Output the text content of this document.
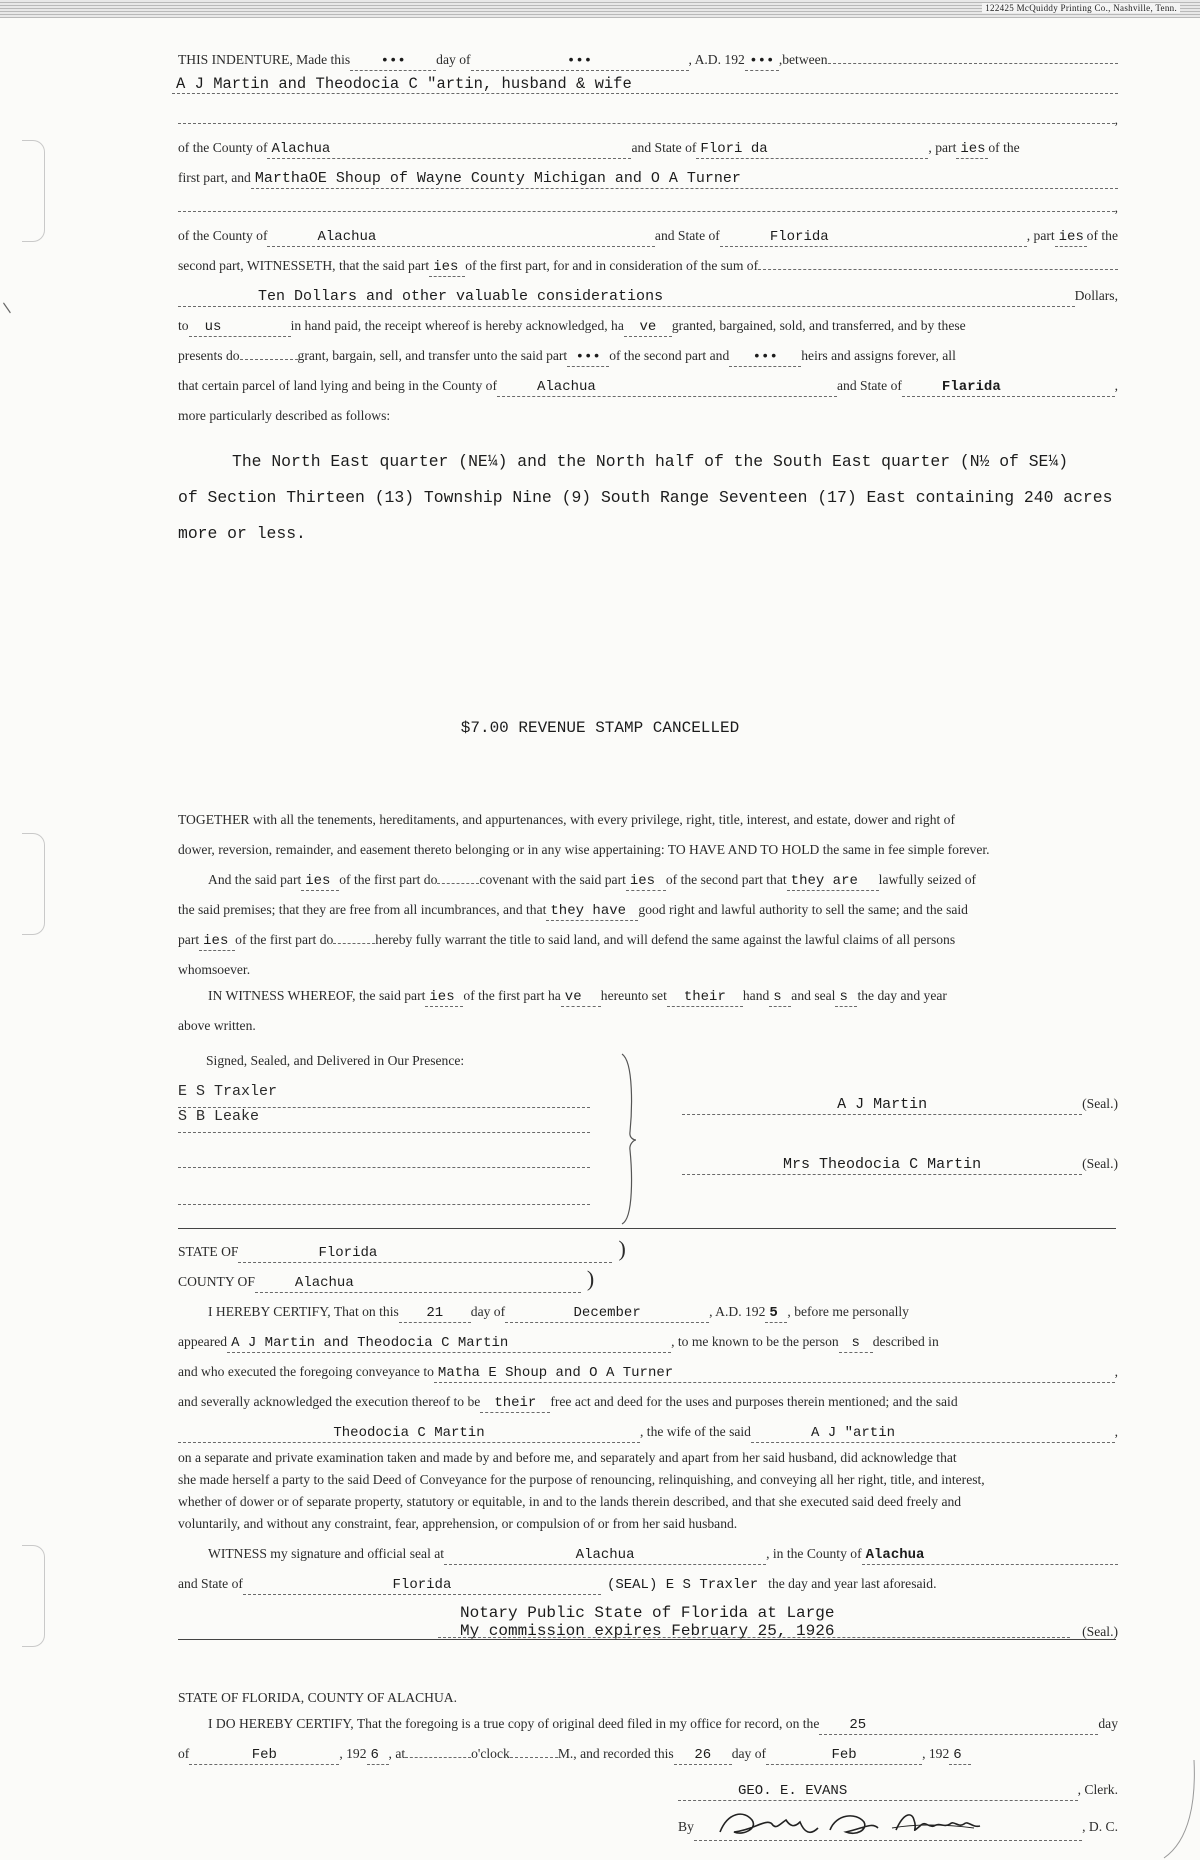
122425 McQuiddy Printing Co., Nashville, Tenn.
/
THIS INDENTURE, Made this	•••	day of	•••	, A.D. 192 ••• ,between
A J Martin and Theodocia C "artin, husband & wife
,
of the County of Alachua	and State of Flori da	, part ies of the
first part, and MarthaOE Shoup of Wayne County Michigan and O A Turner
,
of the County of	Alachua	and State of	Florida	, part ies of the
second part, WITNESSETH, that the said part ies of the first part, for and in consideration of the sum of
Ten Dollars and other valuable considerations	Dollars,
to	us	in hand paid, the receipt whereof is hereby acknowledged, ha	ve	granted, bargained, sold, and transferred, and by these
presents do	grant, bargain, sell, and transfer unto the said part ••• of the second part and	•••	heirs and assigns forever, all
that certain parcel of land lying and being in the County of	Alachua	and State of	Flarida	,
more particularly described as follows:
The North East quarter (NE¼) and the North half of the South East quarter (N½ of SE¼)
of Section Thirteen (13) Township Nine (9) South Range Seventeen (17) East containing 240 acres
more or less.
$7.00 REVENUE STAMP CANCELLED
TOGETHER with all the tenements, hereditaments, and appurtenances, with every privilege, right, title, interest, and estate, dower and right of
dower, reversion, remainder, and easement thereto belonging or in any wise appertaining: TO HAVE AND TO HOLD the same in fee simple forever.
And the said part ies of the first part do	covenant with the said part ies of the second part that they are	lawfully seized of
the said premises; that they are free from all incumbrances, and that they have good right and lawful authority to sell the same; and the said
part ies of the first part do	hereby fully warrant the title to said land, and will defend the same against the lawful claims of all persons
whomsoever.
IN WITNESS WHEREOF, the said part ies of the first part ha ve	hereunto set	their	hand s and seal s the day and year
above written.
Signed, Sealed, and Delivered in Our Presence:
E S Traxler
S B Leake
A J Martin	(Seal.)
Mrs Theodocia C Martin	(Seal.)
STATE OF	Florida	)
COUNTY OF	Alachua	)
I HEREBY CERTIFY, That on this	21	day of	December	, A.D. 192 5 , before me personally
appeared A J Martin and Theodocia C Martin	, to me known to be the person s described in
and who executed the foregoing conveyance to Matha E Shoup and O A Turner	,
and severally acknowledged the execution thereof to be their	free act and deed for the uses and purposes therein mentioned; and the said
Theodocia C Martin	, the wife of the said	A J "artin	,
on a separate and private examination taken and made by and before me, and separately and apart from her said husband, did acknowledge that
she made herself a party to the said Deed of Conveyance for the purpose of renouncing, relinquishing, and conveying all her right, title, and interest,
whether of dower or of separate property, statutory or equitable, in and to the lands therein described, and that she executed said deed freely and
voluntarily, and without any constraint, fear, apprehension, or compulsion of or from her said husband.
WITNESS my signature and official seal at	Alachua	, in the County of Alachua
and State of	Florida	(SEAL) E S Traxler the day and year last aforesaid.
Notary Public State of Florida at Large
My commission expires February 25, 1926	(Seal.)
STATE OF FLORIDA, COUNTY OF ALACHUA.
I DO HEREBY CERTIFY, That the foregoing is a true copy of original deed filed in my office for record, on the	25	day
of	Feb	, 192 6 , at	o'clock	M., and recorded this	26	day of	Feb	, 192 6
GEO. E. EVANS	, Clerk.
By	, D. C.
